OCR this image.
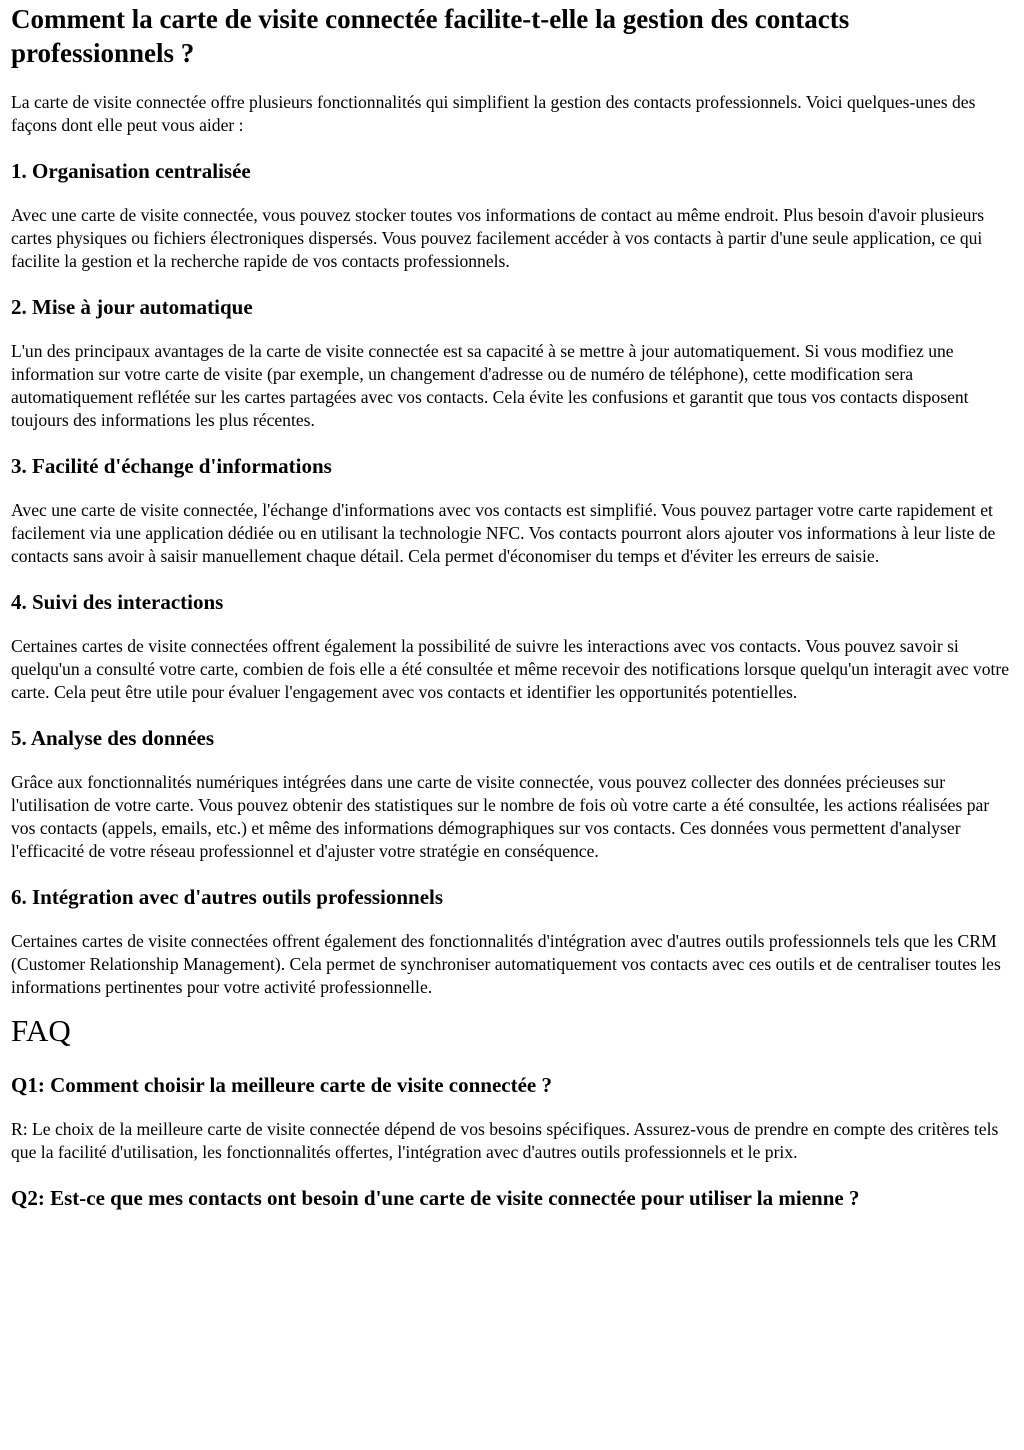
Comment la carte de visite connectée facilite-t-elle la gestion des contacts professionnels ?

La carte de visite connectée offre plusieurs fonctionnalités qui simplifient la gestion des contacts professionnels. Voici quelques-unes des façons dont elle peut vous aider :

1. Organisation centralisée

Avec une carte de visite connectée, vous pouvez stocker toutes vos informations de contact au même endroit. Plus besoin d'avoir plusieurs cartes physiques ou fichiers électroniques dispersés. Vous pouvez facilement accéder à vos contacts à partir d'une seule application, ce qui facilite la gestion et la recherche rapide de vos contacts professionnels.

2. Mise à jour automatique

L'un des principaux avantages de la carte de visite connectée est sa capacité à se mettre à jour automatiquement. Si vous modifiez une information sur votre carte de visite (par exemple, un changement d'adresse ou de numéro de téléphone), cette modification sera automatiquement reflétée sur les cartes partagées avec vos contacts. Cela évite les confusions et garantit que tous vos contacts disposent toujours des informations les plus récentes.

3. Facilité d'échange d'informations

Avec une carte de visite connectée, l'échange d'informations avec vos contacts est simplifié. Vous pouvez partager votre carte rapidement et facilement via une application dédiée ou en utilisant la technologie NFC. Vos contacts pourront alors ajouter vos informations à leur liste de contacts sans avoir à saisir manuellement chaque détail. Cela permet d'économiser du temps et d'éviter les erreurs de saisie.

4. Suivi des interactions

Certaines cartes de visite connectées offrent également la possibilité de suivre les interactions avec vos contacts. Vous pouvez savoir si quelqu'un a consulté votre carte, combien de fois elle a été consultée et même recevoir des notifications lorsque quelqu'un interagit avec votre carte. Cela peut être utile pour évaluer l'engagement avec vos contacts et identifier les opportunités potentielles.

5. Analyse des données

Grâce aux fonctionnalités numériques intégrées dans une carte de visite connectée, vous pouvez collecter des données précieuses sur l'utilisation de votre carte. Vous pouvez obtenir des statistiques sur le nombre de fois où votre carte a été consultée, les actions réalisées par vos contacts (appels, emails, etc.) et même des informations démographiques sur vos contacts. Ces données vous permettent d'analyser l'efficacité de votre réseau professionnel et d'ajuster votre stratégie en conséquence.

6. Intégration avec d'autres outils professionnels

Certaines cartes de visite connectées offrent également des fonctionnalités d'intégration avec d'autres outils professionnels tels que les CRM (Customer Relationship Management). Cela permet de synchroniser automatiquement vos contacts avec ces outils et de centraliser toutes les informations pertinentes pour votre activité professionnelle.

FAQ
Q1: Comment choisir la meilleure carte de visite connectée ?

R: Le choix de la meilleure carte de visite connectée dépend de vos besoins spécifiques. Assurez-vous de prendre en compte des critères tels que la facilité d'utilisation, les fonctionnalités offertes, l'intégration avec d'autres outils professionnels et le prix.

Q2: Est-ce que mes contacts ont besoin d'une carte de visite connectée pour utiliser la mienne ?
